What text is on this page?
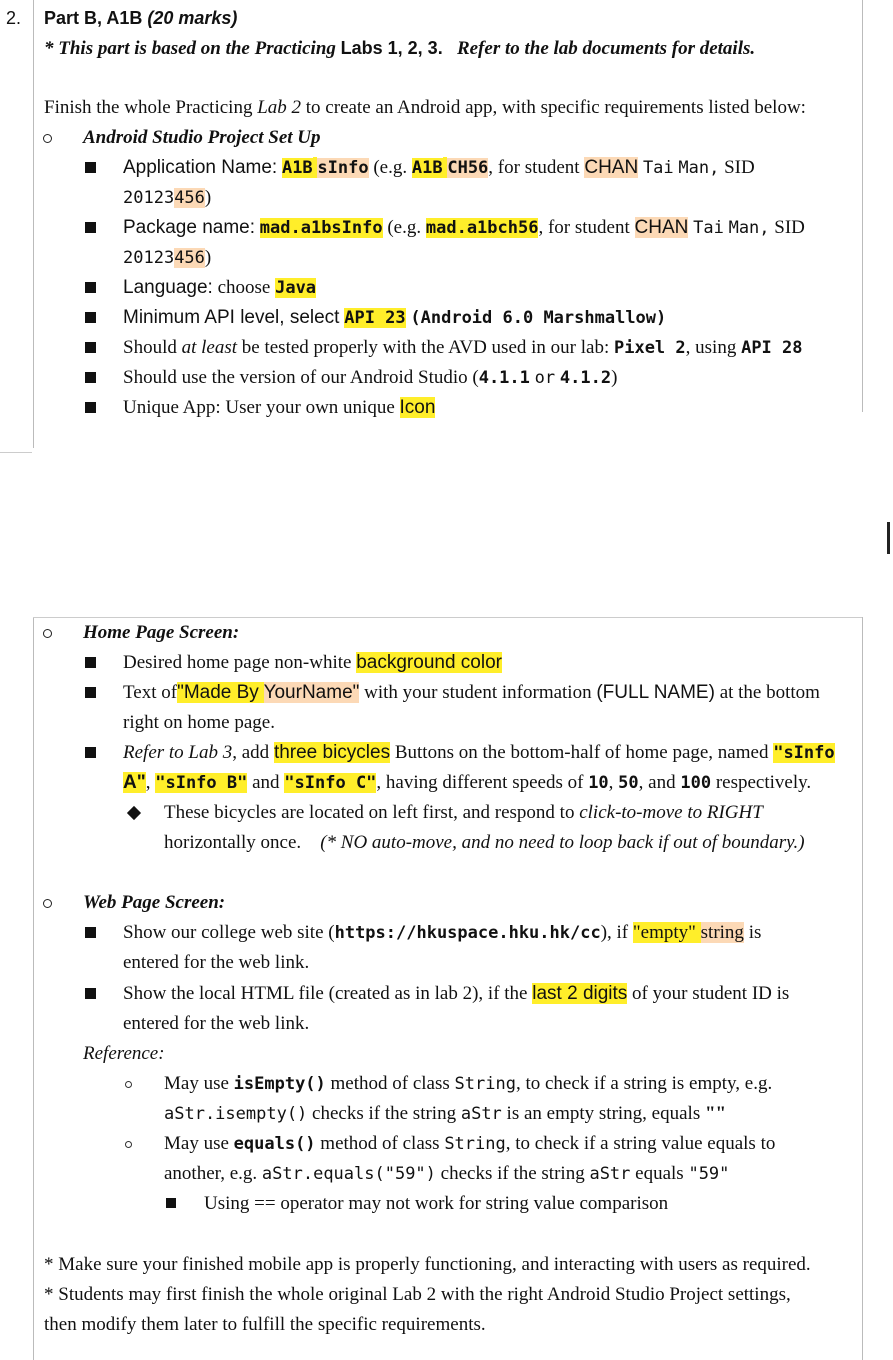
2. Part B, A1B (20 marks)
* This part is based on the Practicing Labs 1, 2, 3. Refer to the lab documents for details.
Finish the whole Practicing Lab 2 to create an Android app, with specific requirements listed below:
Android Studio Project Set Up
Application Name: A1B sInfo (e.g. A1B CH56, for student CHAN Tai Man, SID
20123456)
Package name: mad.a1bsInfo (e.g. mad.a1bch56, for student CHAN Tai Man, SID
20123456)
Language: choose Java
Minimum API level, select API 23 (Android 6.0 Marshmallow)
Should at least be tested properly with the AVD used in our lab: Pixel 2, using API 28
Should use the version of our Android Studio (4.1.1 or 4.1.2)
Unique App: User your own unique Icon
Home Page Screen:
Desired home page non-white background color
Text of"Made By YourName" with your student information (FULL NAME) at the bottom
right on home page.
Refer to Lab 3, add three bicycles Buttons on the bottom-half of home page, named "sInfo
A", "sInfo B" and "sInfo C", having different speeds of 10, 50, and 100 respectively.
These bicycles are located on left first, and respond to click-to-move to RIGHT
horizontally once. (* NO auto-move, and no need to loop back if out of boundary.)
Web Page Screen:
Show our college web site (https://hkuspace.hku.hk/cc), if "empty" string is
entered for the web link.
Show the local HTML file (created as in lab 2), if the last 2 digits of your student ID is
entered for the web link.
Reference:
May use isEmpty() method of class String, to check if a string is empty, e.g.
aStr.isempty() checks if the string aStr is an empty string, equals ""
May use equals() method of class String, to check if a string value equals to
another, e.g. aStr.equals("59") checks if the string aStr equals "59"
Using == operator may not work for string value comparison
* Make sure your finished mobile app is properly functioning, and interacting with users as required.
* Students may first finish the whole original Lab 2 with the right Android Studio Project settings,
then modify them later to fulfill the specific requirements.
